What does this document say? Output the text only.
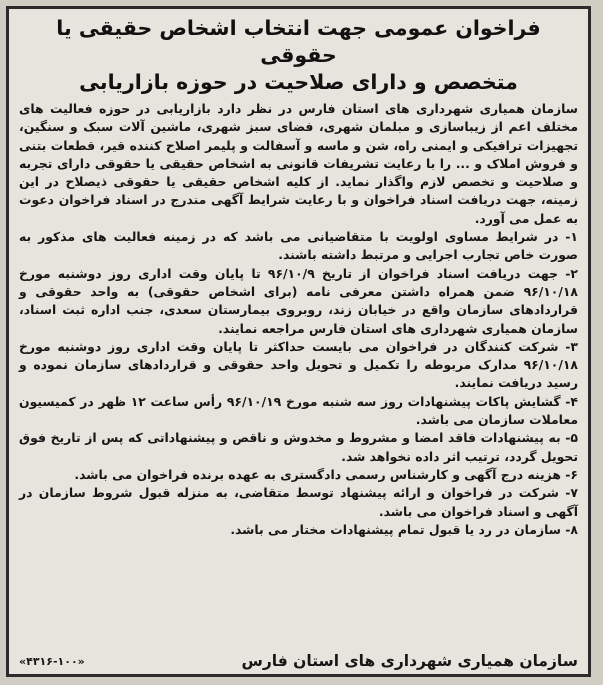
فراخوان عمومی جهت انتخاب اشخاص حقیقی یا حقوقی
متخصص و دارای صلاحیت در حوزه بازاریابی

سازمان همیاری شهرداری های استان فارس در نظر دارد بازاریابی در حوزه فعالیت های مختلف اعم از زیباسازی و مبلمان شهری، فضای سبز شهری، ماشین آلات سبک و سنگین، تجهیزات ترافیکی و ایمنی راه، شن و ماسه و آسفالت و پلیمر اصلاح کننده قیر، قطعات بتنی و فروش املاک و ... را با رعایت تشریفات قانونی به اشخاص حقیقی یا حقوقی دارای تجربه و صلاحیت و تخصص لازم واگذار نماید. از کلیه اشخاص حقیقی یا حقوقی ذیصلاح در این زمینه، جهت دریافت اسناد فراخوان و با رعایت شرایط آگهی مندرج در اسناد فراخوان دعوت به عمل می آورد.

۱- در شرایط مساوی اولویت با متقاضیانی می باشد که در زمینه فعالیت های مذکور به صورت خاص تجارب اجرایی و مرتبط داشته باشند.

۲- جهت دریافت اسناد فراخوان از تاریخ ۹۶/۱۰/۹ تا پایان وقت اداری روز دوشنبه مورخ ۹۶/۱۰/۱۸ ضمن همراه داشتن معرفی نامه (برای اشخاص حقوقی) به واحد حقوقی و قراردادهای سازمان واقع در خیابان زند، روبروی بیمارستان سعدی، جنب اداره ثبت اسناد، سازمان همیاری شهرداری های استان فارس مراجعه نمایند.

۳- شرکت کنندگان در فراخوان می بایست حداکثر تا پایان وقت اداری روز دوشنبه مورخ ۹۶/۱۰/۱۸ مدارک مربوطه را تکمیل و تحویل واحد حقوقی و قراردادهای سازمان نموده و رسید دریافت نمایند.

۴- گشایش پاکات پیشنهادات روز سه شنبه مورخ ۹۶/۱۰/۱۹ رأس ساعت ۱۲ ظهر در کمیسیون معاملات سازمان می باشد.

۵- به پیشنهادات فاقد امضا و مشروط و مخدوش و ناقص و پیشنهاداتی که پس از تاریخ فوق تحویل گردد، ترتیب اثر داده نخواهد شد.

۶- هزینه درج آگهی و کارشناس رسمی دادگستری به عهده برنده فراخوان می باشد.

۷- شرکت در فراخوان و ارائه پیشنهاد توسط متقاضی، به منزله قبول شروط سازمان در آگهی و اسناد فراخوان می باشد.

۸- سازمان در رد یا قبول تمام پیشنهادات مختار می باشد.

سازمان همیاری شهرداری های استان فارس
«۴۳۱۶-۱۰۰»
